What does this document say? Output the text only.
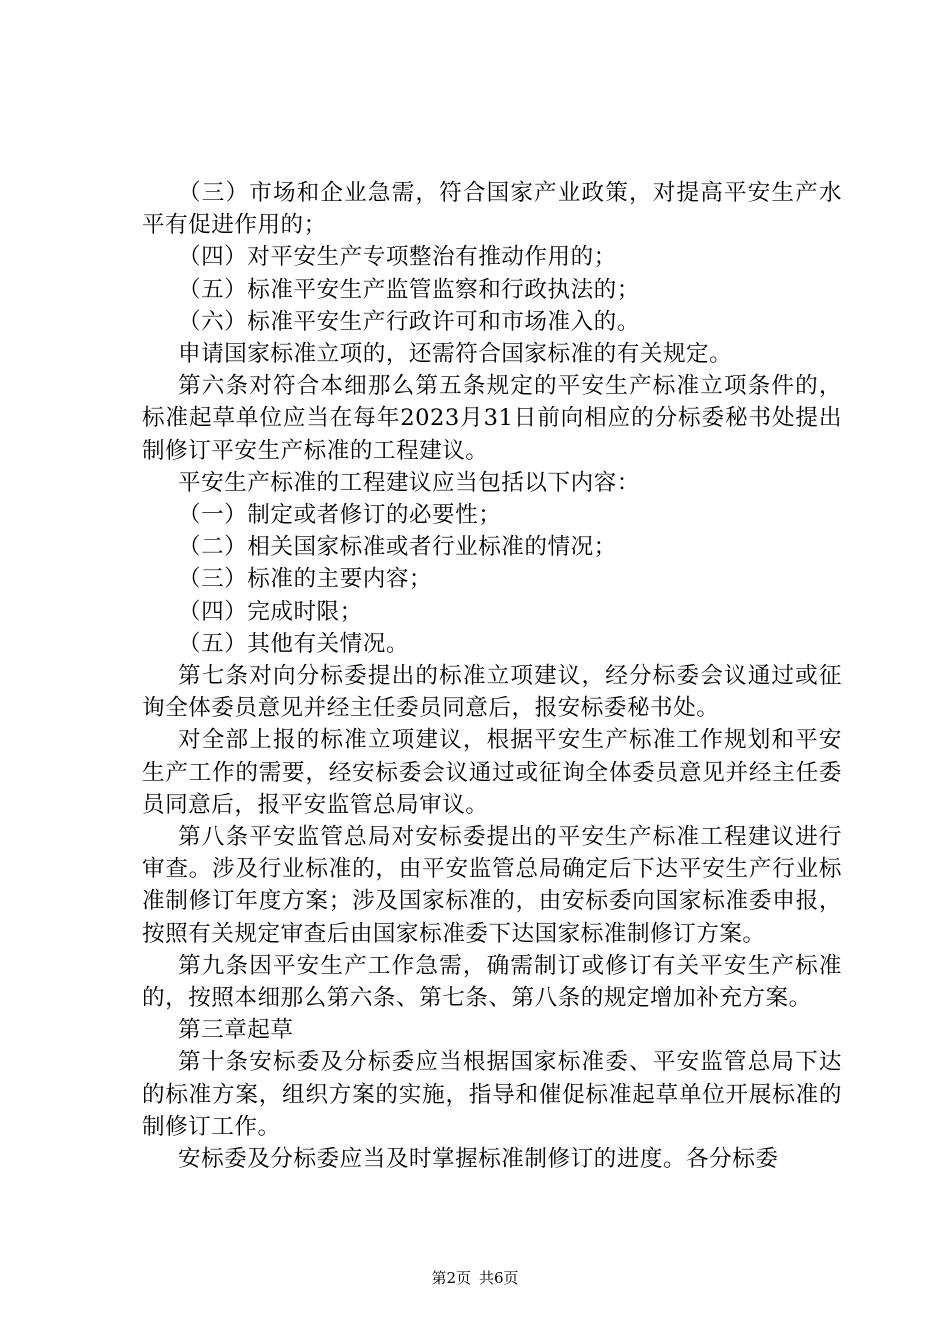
（三）市场和企业急需，符合国家产业政策，对提高平安生产水平有促进作用的；

（四）对平安生产专项整治有推动作用的；

（五）标准平安生产监管监察和行政执法的；

（六）标准平安生产行政许可和市场准入的。

申请国家标准立项的，还需符合国家标准的有关规定。

第六条对符合本细那么第五条规定的平安生产标准立项条件的，标准起草单位应当在每年2023月31日前向相应的分标委秘书处提出制修订平安生产标准的工程建议。

平安生产标准的工程建议应当包括以下内容：

（一）制定或者修订的必要性；

（二）相关国家标准或者行业标准的情况；

（三）标准的主要内容；

（四）完成时限；

（五）其他有关情况。

第七条对向分标委提出的标准立项建议，经分标委会议通过或征询全体委员意见并经主任委员同意后，报安标委秘书处。

对全部上报的标准立项建议，根据平安生产标准工作规划和平安生产工作的需要，经安标委会议通过或征询全体委员意见并经主任委员同意后，报平安监管总局审议。

第八条平安监管总局对安标委提出的平安生产标准工程建议进行审查。涉及行业标准的，由平安监管总局确定后下达平安生产行业标准制修订年度方案；涉及国家标准的，由安标委向国家标准委申报，按照有关规定审查后由国家标准委下达国家标准制修订方案。

第九条因平安生产工作急需，确需制订或修订有关平安生产标准的，按照本细那么第六条、第七条、第八条的规定增加补充方案。

第三章起草

第十条安标委及分标委应当根据国家标准委、平安监管总局下达的标准方案，组织方案的实施，指导和催促标准起草单位开展标准的制修订工作。

安标委及分标委应当及时掌握标准制修订的进度。各分标委

第2页 共6页
